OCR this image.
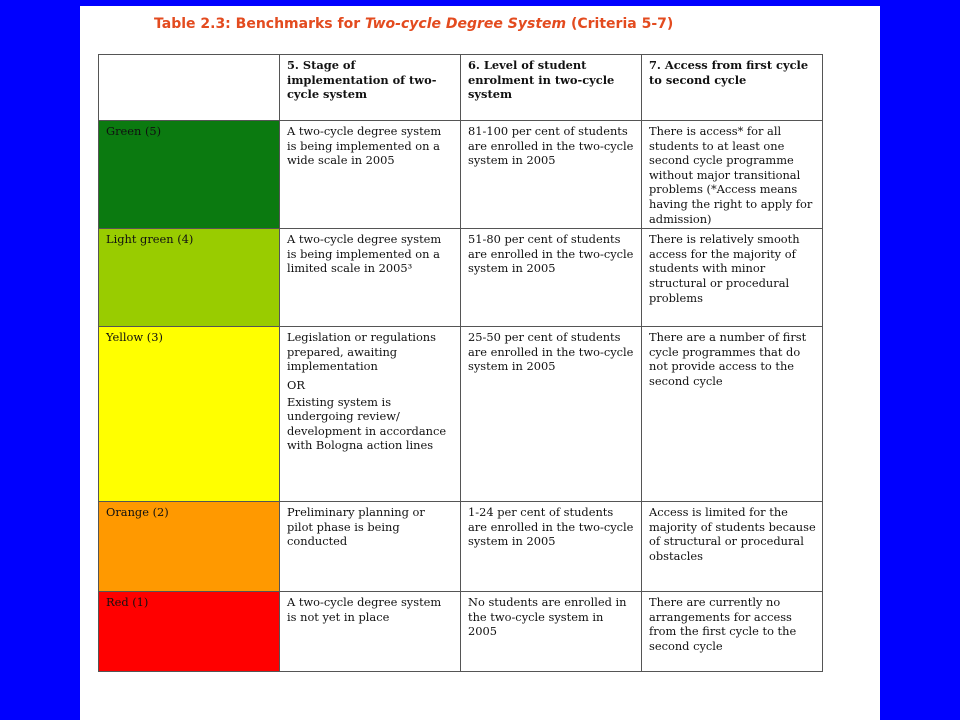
Table 2.3: Benchmarks for Two-cycle Degree System (Criteria 5-7)
	5. Stage of implementation of two-cycle system	6. Level of student enrolment in two-cycle system	7. Access from first cycle to second cycle

Green (5)	A two-cycle degree system is being implemented on a wide scale in 2005	81-100 per cent of students are enrolled in the two-cycle system in 2005	There is access* for all students to at least one second cycle programme without major transitional problems (*Access means having the right to apply for admission)

Light green (4)	A two-cycle degree system is being implemented on a limited scale in 2005³	51-80 per cent of students are enrolled in the two-cycle system in 2005	There is relatively smooth access for the majority of students with minor structural or procedural problems

Yellow (3)	Legislation or regulations prepared, awaiting implementation
OR
Existing system is undergoing review/ development in accordance with Bologna action lines	25-50 per cent of students are enrolled in the two-cycle system in 2005	There are a number of first cycle programmes that do not provide access to the second cycle

Orange (2)	Preliminary planning or pilot phase is being conducted	1-24 per cent of students are enrolled in the two-cycle system in 2005	Access is limited for the majority of students because of structural or procedural obstacles

Red (1)	A two-cycle degree system is not yet in place	No students are enrolled in the two-cycle system in 2005	There are currently no arrangements for access from the first cycle to the second cycle
